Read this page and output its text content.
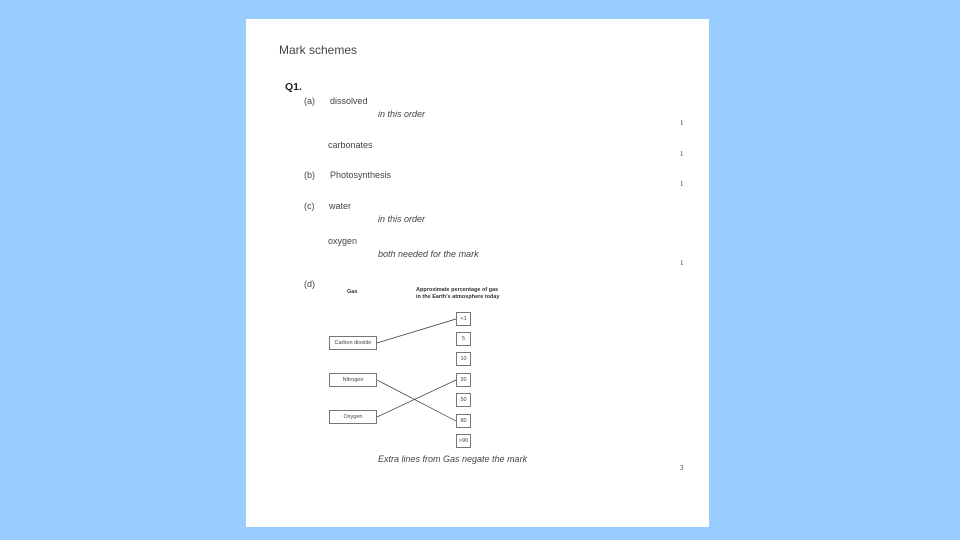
Mark schemes
Q1.
(a) dissolved
in this order
1
carbonates
1
(b) Photosynthesis
1
(c) water
in this order
oxygen
both needed for the mark
1
(d)
Gas	Approximate percentage of gas
in the Earth's atmosphere today
Carbon dioxide
Nitrogen
Oxygen
<1
5
10
20
50
80
>90
Extra lines from Gas negate the mark
3
